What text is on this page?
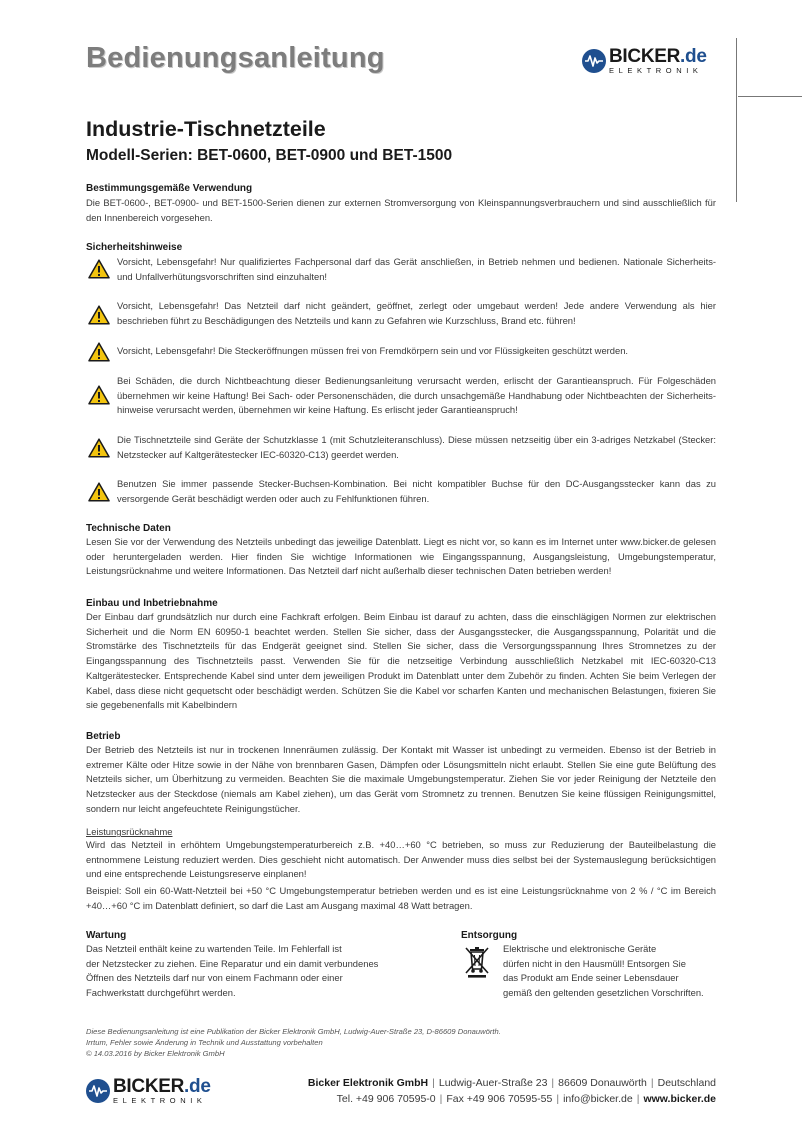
Bedienungsanleitung	BICKER.de
ELEKTRONIK
Industrie-Tischnetzteile
Modell-Serien: BET-0600, BET-0900 und BET-1500
Bestimmungsgemäße Verwendung

Die BET-0600-, BET-0900- und BET-1500-Serien dienen zur externen Stromversorgung von Kleinspannungsverbrauchern und sind ausschließlich für den Innenbereich vorgesehen.

Sicherheitshinweise
Vorsicht, Lebensgefahr! Nur qualifiziertes Fachpersonal darf das Gerät anschließen, in Betrieb nehmen und bedienen. Nationale Sicherheits- und Unfallverhütungsvorschriften sind einzuhalten!
Vorsicht, Lebensgefahr! Das Netzteil darf nicht geändert, geöffnet, zerlegt oder umgebaut werden! Jede andere Verwendung als hier beschrieben führt zu Beschädigungen des Netzteils und kann zu Gefahren wie Kurzschluss, Brand etc. führen!
Vorsicht, Lebensgefahr! Die Steckeröffnungen müssen frei von Fremdkörpern sein und vor Flüssigkeiten geschützt werden.
Bei Schäden, die durch Nichtbeachtung dieser Bedienungsanleitung verursacht werden, erlischt der Garantieanspruch. Für Folgeschäden übernehmen wir keine Haftung! Bei Sach- oder Personenschäden, die durch unsachgemäße Handhabung oder Nichtbeachten der Sicherheits-hinweise verursacht werden, übernehmen wir keine Haftung. Es erlischt jeder Garantieanspruch!
Die Tischnetzteile sind Geräte der Schutzklasse 1 (mit Schutzleiteranschluss). Diese müssen netzseitig über ein 3-adriges Netzkabel (Stecker: Netzstecker auf Kaltgerätestecker IEC-60320-C13) geerdet werden.
Benutzen Sie immer passende Stecker-Buchsen-Kombination. Bei nicht kompatibler Buchse für den DC-Ausgangsstecker kann das zu versorgende Gerät beschädigt werden oder auch zu Fehlfunktionen führen.
Technische Daten

Lesen Sie vor der Verwendung des Netzteils unbedingt das jeweilige Datenblatt. Liegt es nicht vor, so kann es im Internet unter www.bicker.de gelesen oder heruntergeladen werden. Hier finden Sie wichtige Informationen wie Eingangsspannung, Ausgangsleistung, Umgebungstemperatur, Leistungsrücknahme und weitere Informationen. Das Netzteil darf nicht außerhalb dieser technischen Daten betrieben werden!

Einbau und Inbetriebnahme

Der Einbau darf grundsätzlich nur durch eine Fachkraft erfolgen. Beim Einbau ist darauf zu achten, dass die einschlägigen Normen zur elektrischen Sicherheit und die Norm EN 60950-1 beachtet werden. Stellen Sie sicher, dass der Ausgangsstecker, die Ausgangsspannung, Polarität und die Stromstärke des Tischnetzteils für das Endgerät geeignet sind. Stellen Sie sicher, dass die Versorgungsspannung Ihres Stromnetzes zu der Eingangsspannung des Tischnetzteils passt. Verwenden Sie für die netzseitige Verbindung ausschließlich Netzkabel mit IEC-60320-C13 Kaltgerätestecker. Entsprechende Kabel sind unter dem jeweiligen Produkt im Datenblatt unter dem Zubehör zu finden. Achten Sie beim Verlegen der Kabel, dass diese nicht gequetscht oder beschädigt werden. Schützen Sie die Kabel vor scharfen Kanten und mechanischen Belastungen, fixieren Sie sie gegebenenfalls mit Kabelbindern

Betrieb

Der Betrieb des Netzteils ist nur in trockenen Innenräumen zulässig. Der Kontakt mit Wasser ist unbedingt zu vermeiden. Ebenso ist der Betrieb in extremer Kälte oder Hitze sowie in der Nähe von brennbaren Gasen, Dämpfen oder Lösungsmitteln nicht erlaubt. Stellen Sie eine gute Belüftung des Netzteils sicher, um Überhitzung zu vermeiden. Beachten Sie die maximale Umgebungstemperatur. Ziehen Sie vor jeder Reinigung der Netzteile den Netzstecker aus der Steckdose (niemals am Kabel ziehen), um das Gerät vom Stromnetz zu trennen. Benutzen Sie keine flüssigen Reinigungsmittel, sondern nur leicht angefeuchtete Reinigungstücher.

Leistungsrücknahme

Wird das Netzteil in erhöhtem Umgebungstemperaturbereich z.B. +40…+60 °C betrieben, so muss zur Reduzierung der Bauteilbelastung die entnommene Leistung reduziert werden. Dies geschieht nicht automatisch. Der Anwender muss dies selbst bei der Systemauslegung berücksichtigen und eine entsprechende Leistungsreserve einplanen!

Beispiel: Soll ein 60-Watt-Netzteil bei +50 °C Umgebungstemperatur betrieben werden und es ist eine Leistungsrücknahme von 2 % / °C im Bereich +40…+60 °C im Datenblatt definiert, so darf die Last am Ausgang maximal 48 Watt betragen.

Wartung
Das Netzteil enthält keine zu wartenden Teile. Im Fehlerfall ist
der Netzstecker zu ziehen. Eine Reparatur und ein damit verbundenes
Öffnen des Netzteils darf nur von einem Fachmann oder einer
Fachwerkstatt durchgeführt werden.
Entsorgung
Elektrische und elektronische Geräte
dürfen nicht in den Hausmüll! Entsorgen Sie
das Produkt am Ende seiner Lebensdauer
gemäß den geltenden gesetzlichen Vorschriften.
Diese Bedienungsanleitung ist eine Publikation der Bicker Elektronik GmbH, Ludwig-Auer-Straße 23, D-86609 Donauwörth.
Irrtum, Fehler sowie Änderung in Technik und Ausstattung vorbehalten
© 14.03.2016 by Bicker Elektronik GmbH
BICKER.de
ELEKTRONIK
Bicker Elektronik GmbH | Ludwig-Auer-Straße 23 | 86609 Donauwörth | Deutschland
Tel. +49 906 70595-0 | Fax +49 906 70595-55 | info@bicker.de | www.bicker.de
